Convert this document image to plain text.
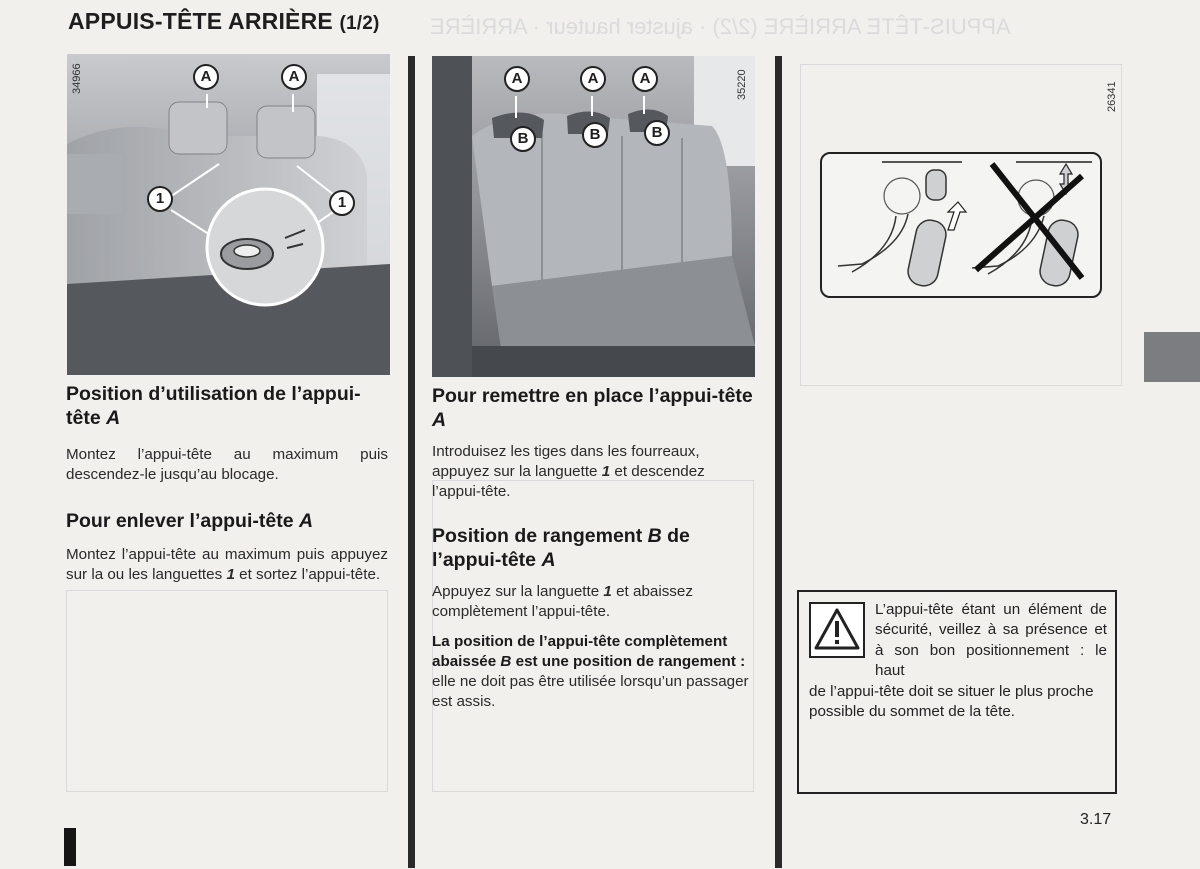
APPUIS-TÊTE ARRIÈRE (2/2) · ajuster hauteur · ARRIÈRE
APPUIS-TÊTE ARRIÈRE (1/2)
A	A
1	1
34966	A	A	A
B	B	B
35220	26341
Position d’utilisation de l’appui-tête A

Montez l’appui-tête au maximum puis descendez-le jusqu’au blocage.

Pour enlever l’appui-tête A

Montez l’appui-tête au maximum puis appuyez sur la ou les languettes 1 et sortez l’appui-tête.

Pour remettre en place l’appui-tête A

Introduisez les tiges dans les fourreaux, appuyez sur la languette 1 et descendez l’appui-tête.

Position de rangement B de l’appui-tête A

Appuyez sur la languette 1 et abaissez complètement l’appui-tête.

La position de l’appui-tête complètement abaissée B est une position de rangement : elle ne doit pas être utilisée lorsqu’un passager est assis.

L’appui-tête étant un élément de sécurité, veillez à sa présence et à son bon positionnement : le haut
de l’appui-tête doit se situer le plus proche possible du sommet de la tête.
3.17
